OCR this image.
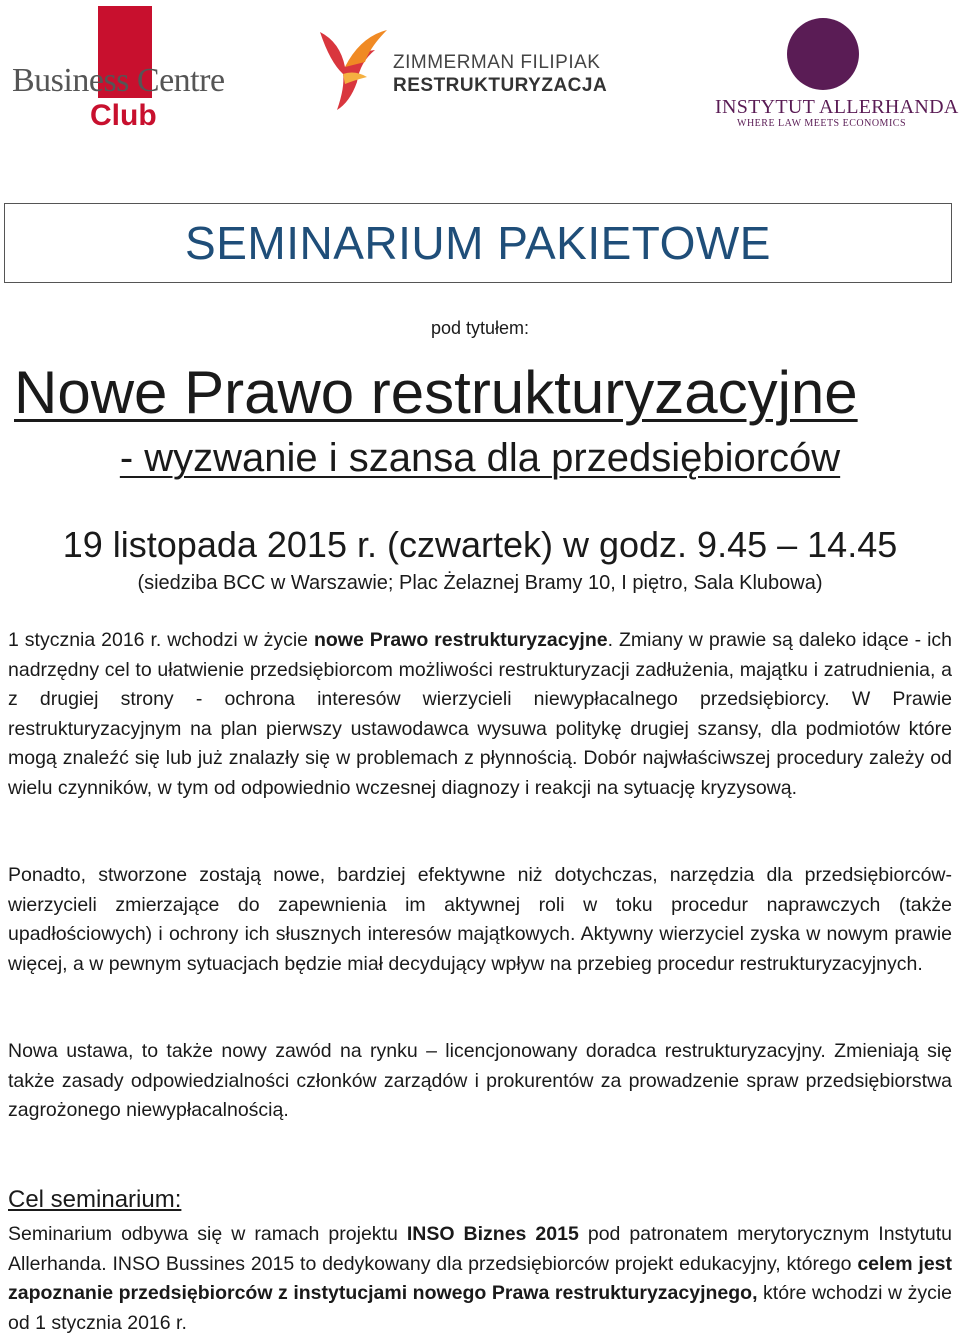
Business Centre
Club
ZIMMERMAN FILIPIAK
RESTRUKTURYZACJA
INSTYTUT ALLERHANDA
WHERE LAW MEETS ECONOMICS
SEMINARIUM PAKIETOWE
pod tytułem:
Nowe Prawo restrukturyzacyjne
- wyzwanie i szansa dla przedsiębiorców
19 listopada 2015 r. (czwartek) w godz. 9.45 – 14.45
(siedziba BCC w Warszawie; Plac Żelaznej Bramy 10, I piętro, Sala Klubowa)
1 stycznia 2016 r. wchodzi w życie nowe Prawo restrukturyzacyjne. Zmiany w prawie są daleko idące - ich nadrzędny cel to ułatwienie przedsiębiorcom możliwości restrukturyzacji zadłużenia, majątku i zatrudnienia, a z drugiej strony - ochrona interesów wierzycieli niewypłacalnego przedsiębiorcy. W Prawie restrukturyzacyjnym na plan pierwszy ustawodawca wysuwa politykę drugiej szansy, dla podmiotów które mogą znaleźć się lub już znalazły się w problemach z płynnością. Dobór najwłaściwszej procedury zależy od wielu czynników, w tym od odpowiednio wczesnej diagnozy i reakcji na sytuację kryzysową.
Ponadto, stworzone zostają nowe, bardziej efektywne niż dotychczas, narzędzia dla przedsiębiorców-wierzycieli zmierzające do zapewnienia im aktywnej roli w toku procedur naprawczych (także upadłościowych) i ochrony ich słusznych interesów majątkowych. Aktywny wierzyciel zyska w nowym prawie więcej, a w pewnym sytuacjach będzie miał decydujący wpływ na przebieg procedur restrukturyzacyjnych.
Nowa ustawa, to także nowy zawód na rynku – licencjonowany doradca restrukturyzacyjny. Zmieniają się także zasady odpowiedzialności członków zarządów i prokurentów za prowadzenie spraw przedsiębiorstwa zagrożonego niewypłacalnością.
Cel seminarium:
Seminarium odbywa się w ramach projektu INSO Biznes 2015 pod patronatem merytorycznym Instytutu Allerhanda. INSO Bussines 2015 to dedykowany dla przedsiębiorców projekt edukacyjny, którego celem jest zapoznanie przedsiębiorców z instytucjami nowego Prawa restrukturyzacyjnego, które wchodzi w życie od 1 stycznia 2016 r.
